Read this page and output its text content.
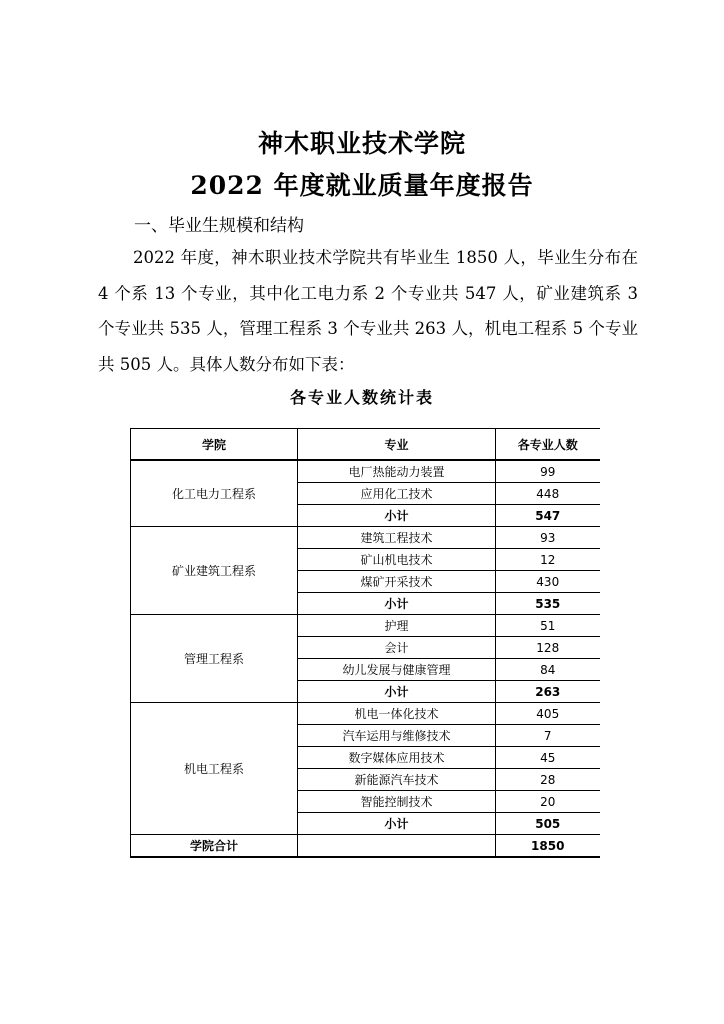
神木职业技术学院
2022 年度就业质量年度报告
一、毕业生规模和结构

2022 年度，神木职业技术学院共有毕业生 1850 人，毕业生分布在 4 个系 13 个专业，其中化工电力系 2 个专业共 547 人，矿业建筑系 3 个专业共 535 人，管理工程系 3 个专业共 263 人，机电工程系 5 个专业共 505 人。具体人数分布如下表：

各专业人数统计表

学院	专业	各专业人数
化工电力工程系	电厂热能动力装置	99
	应用化工技术	448
	小计	547
矿业建筑工程系	建筑工程技术	93
	矿山机电技术	12
	煤矿开采技术	430
	小计	535
管理工程系	护理	51
	会计	128
	幼儿发展与健康管理	84
	小计	263
机电工程系	机电一体化技术	405
	汽车运用与维修技术	7
	数字媒体应用技术	45
	新能源汽车技术	28
	智能控制技术	20
	小计	505
学院合计		1850
